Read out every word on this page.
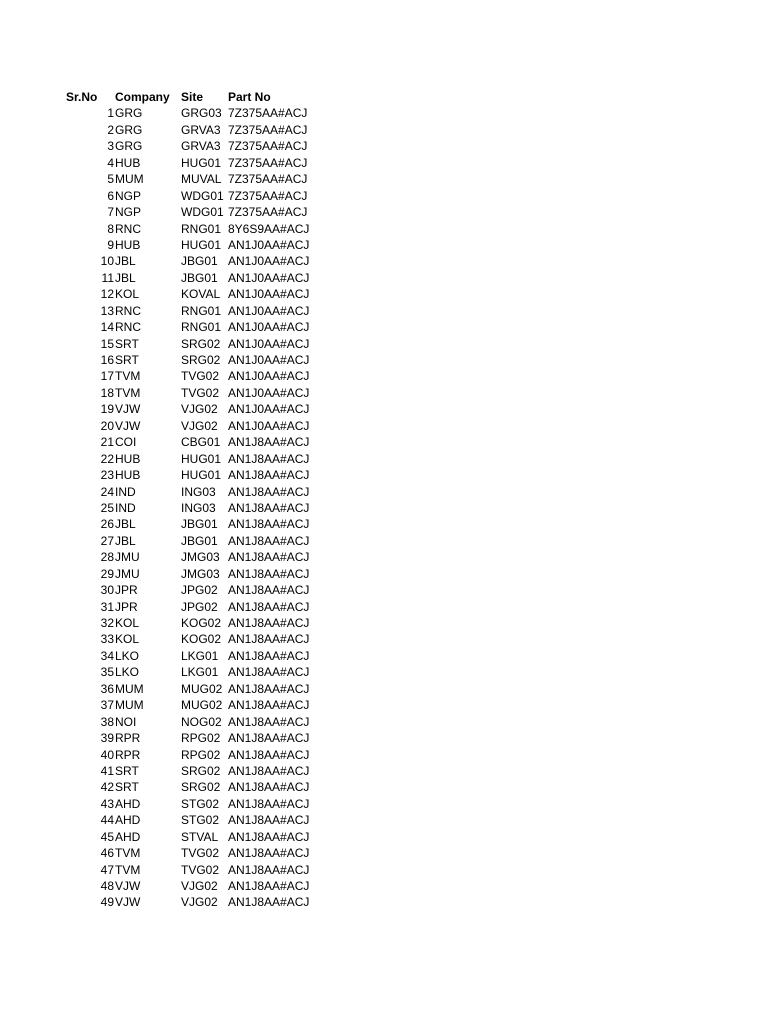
Sr.No	Company Site Part No
1 GRG	GRG03 7Z375AA#ACJ
2 GRG	GRVA3 7Z375AA#ACJ
3 GRG	GRVA3 7Z375AA#ACJ
4 HUB	HUG01 7Z375AA#ACJ
5 MUM	MUVAL 7Z375AA#ACJ
6 NGP	WDG01 7Z375AA#ACJ
7 NGP	WDG01 7Z375AA#ACJ
8 RNC	RNG01 8Y6S9AA#ACJ
9 HUB	HUG01 AN1J0AA#ACJ
10 JBL	JBG01 AN1J0AA#ACJ
11 JBL	JBG01 AN1J0AA#ACJ
12 KOL	KOVAL AN1J0AA#ACJ
13 RNC	RNG01 AN1J0AA#ACJ
14 RNC	RNG01 AN1J0AA#ACJ
15 SRT	SRG02 AN1J0AA#ACJ
16 SRT	SRG02 AN1J0AA#ACJ
17 TVM	TVG02 AN1J0AA#ACJ
18 TVM	TVG02 AN1J0AA#ACJ
19 VJW	VJG02 AN1J0AA#ACJ
20 VJW	VJG02 AN1J0AA#ACJ
21 COI	CBG01 AN1J8AA#ACJ
22 HUB	HUG01 AN1J8AA#ACJ
23 HUB	HUG01 AN1J8AA#ACJ
24 IND	ING03 AN1J8AA#ACJ
25 IND	ING03 AN1J8AA#ACJ
26 JBL	JBG01 AN1J8AA#ACJ
27 JBL	JBG01 AN1J8AA#ACJ
28 JMU	JMG03 AN1J8AA#ACJ
29 JMU	JMG03 AN1J8AA#ACJ
30 JPR	JPG02 AN1J8AA#ACJ
31 JPR	JPG02 AN1J8AA#ACJ
32 KOL	KOG02 AN1J8AA#ACJ
33 KOL	KOG02 AN1J8AA#ACJ
34 LKO	LKG01 AN1J8AA#ACJ
35 LKO	LKG01 AN1J8AA#ACJ
36 MUM	MUG02 AN1J8AA#ACJ
37 MUM	MUG02 AN1J8AA#ACJ
38 NOI	NOG02 AN1J8AA#ACJ
39 RPR	RPG02 AN1J8AA#ACJ
40 RPR	RPG02 AN1J8AA#ACJ
41 SRT	SRG02 AN1J8AA#ACJ
42 SRT	SRG02 AN1J8AA#ACJ
43 AHD	STG02 AN1J8AA#ACJ
44 AHD	STG02 AN1J8AA#ACJ
45 AHD	STVAL AN1J8AA#ACJ
46 TVM	TVG02 AN1J8AA#ACJ
47 TVM	TVG02 AN1J8AA#ACJ
48 VJW	VJG02 AN1J8AA#ACJ
49 VJW	VJG02 AN1J8AA#ACJ
